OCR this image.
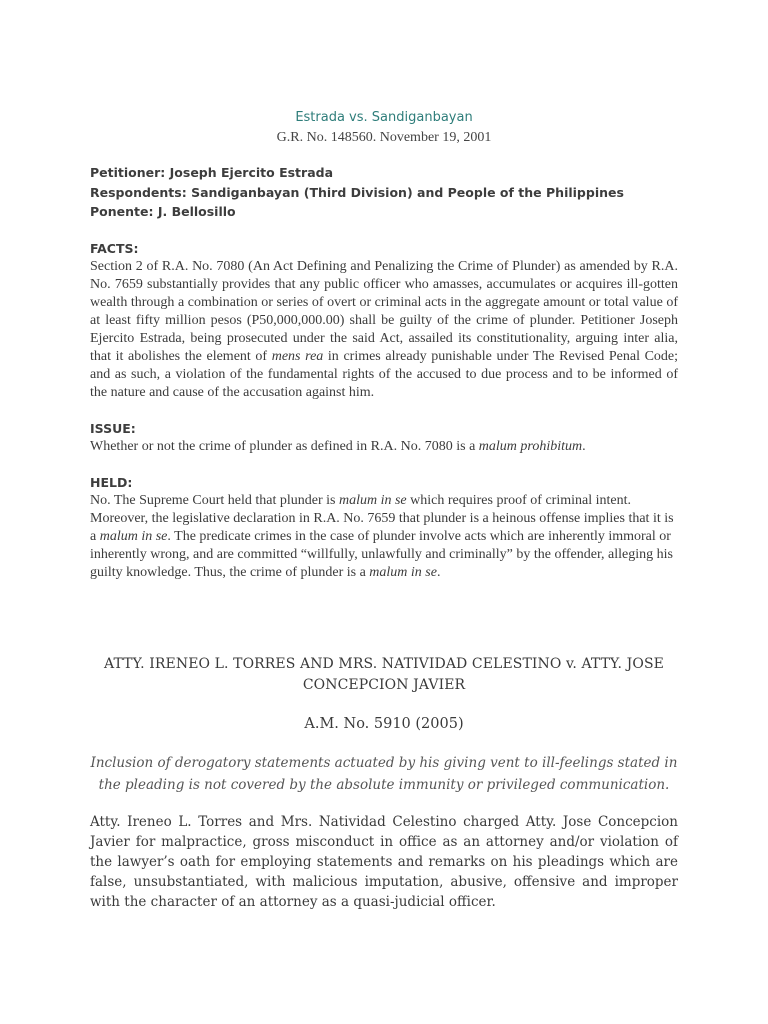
Estrada vs. Sandiganbayan

G.R. No. 148560. November 19, 2001

Petitioner: Joseph Ejercito Estrada

Respondents: Sandiganbayan (Third Division) and People of the Philippines

Ponente: J. Bellosillo

FACTS:

Section 2 of R.A. No. 7080 (An Act Defining and Penalizing the Crime of Plunder) as amended by R.A. No. 7659 substantially provides that any public officer who amasses, accumulates or acquires ill-gotten wealth through a combination or series of overt or criminal acts in the aggregate amount or total value of at least fifty million pesos (P50,000,000.00) shall be guilty of the crime of plunder. Petitioner Joseph Ejercito Estrada, being prosecuted under the said Act, assailed its constitutionality, arguing inter alia, that it abolishes the element of mens rea in crimes already punishable under The Revised Penal Code; and as such, a violation of the fundamental rights of the accused to due process and to be informed of the nature and cause of the accusation against him.

ISSUE:

Whether or not the crime of plunder as defined in R.A. No. 7080 is a malum prohibitum.

HELD:

No. The Supreme Court held that plunder is malum in se which requires proof of criminal intent. Moreover, the legislative declaration in R.A. No. 7659 that plunder is a heinous offense implies that it is a malum in se. The predicate crimes in the case of plunder involve acts which are inherently immoral or inherently wrong, and are committed “willfully, unlawfully and criminally” by the offender, alleging his guilty knowledge. Thus, the crime of plunder is a malum in se.

ATTY. IRENEO L. TORRES AND MRS. NATIVIDAD CELESTINO v. ATTY. JOSE CONCEPCION JAVIER

A.M. No. 5910 (2005)

Inclusion of derogatory statements actuated by his giving vent to ill-feelings stated in the pleading is not covered by the absolute immunity or privileged communication.

Atty. Ireneo L. Torres and Mrs. Natividad Celestino charged Atty. Jose Concepcion Javier for malpractice, gross misconduct in office as an attorney and/or violation of the lawyer’s oath for employing statements and remarks on his pleadings which are false, unsubstantiated, with malicious imputation, abusive, offensive and improper with the character of an attorney as a quasi-judicial officer.
